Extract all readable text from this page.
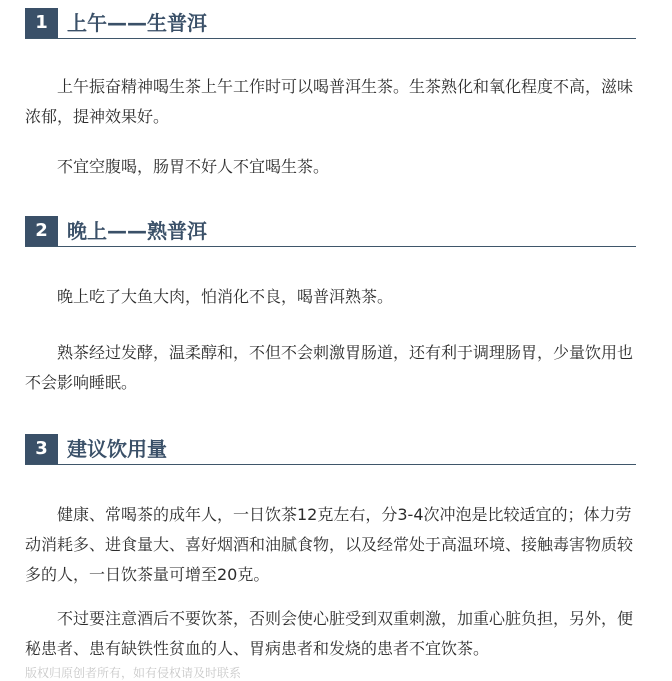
1 上午——生普洱

上午振奋精神喝生茶上午工作时可以喝普洱生茶。生茶熟化和氧化程度不高，滋味浓郁，提神效果好。

不宜空腹喝，肠胃不好人不宜喝生茶。

2 晚上——熟普洱

晚上吃了大鱼大肉，怕消化不良，喝普洱熟茶。

熟茶经过发酵，温柔醇和，不但不会刺激胃肠道，还有利于调理肠胃，少量饮用也不会影响睡眠。

3 建议饮用量

健康、常喝茶的成年人，一日饮茶12克左右，分3-4次冲泡是比较适宜的；体力劳动消耗多、进食量大、喜好烟酒和油腻食物，以及经常处于高温环境、接触毒害物质较多的人，一日饮茶量可增至20克。

不过要注意酒后不要饮茶，否则会使心脏受到双重刺激，加重心脏负担，另外，便秘患者、患有缺铁性贫血的人、胃病患者和发烧的患者不宜饮茶。

版权归原创者所有，如有侵权请及时联系
